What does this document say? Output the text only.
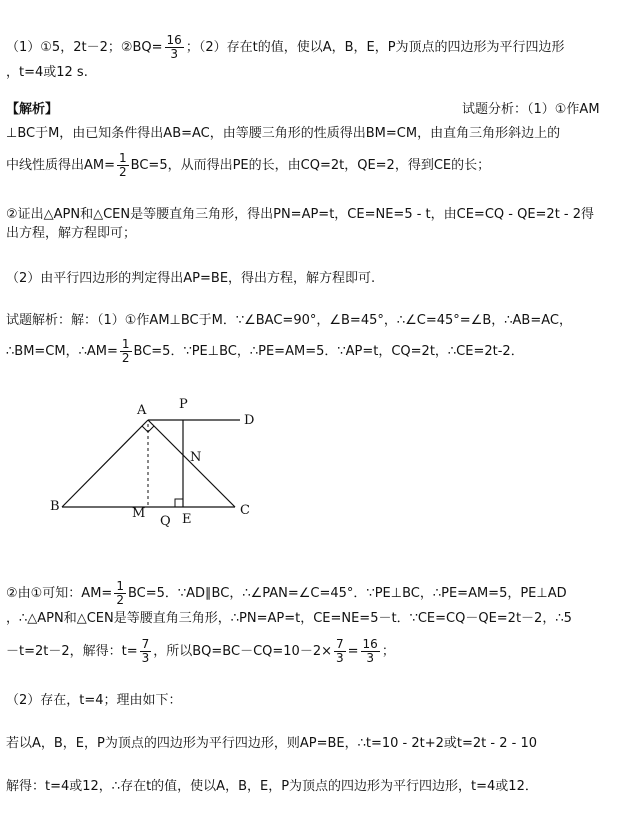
（1）①5，2t－2；②BQ= $\frac{16}{3}$ ；（2）存在t的值，使以A，B，E，P为顶点的四边形为平行四边形
，t=4或12 s.
【解析】	试题分析：（1）①作AM
⊥BC于M，由已知条件得出AB=AC，由等腰三角形的性质得出BM=CM，由直角三角形斜边上的
中线性质得出$AM= \frac{1}{2} BC=5$，从而得出PE的长，由CQ=2t，QE=2，得到CE的长；
②证出△APN和△CEN是等腰直角三角形，得出PN=AP=t，CE=NE=5 - t，由CE=CQ - QE=2t - 2得
出方程，解方程即可；
（2）由平行四边形的判定得出AP=BE，得出方程，解方程即可.
试题解析：解：（1）①作AM⊥BC于M．∵∠BAC=90°，∠B=45°，∴∠C=45°=∠B，∴AB=AC，
∴BM=CM，∴AM= $\frac{1}{2} BC=5$．∵PE⊥BC，∴PE=AM=5．∵AP=t，CQ=2t，∴CE=2t-2．
A	P
D
N
B	M
Q E
C
②由①可知：$AM= \frac{1}{2} BC=5$．∵AD∥BC，∴∠PAN=∠C=45°．∵PE⊥BC，∴PE=AM=5，PE⊥AD
，∴△APN和△CEN是等腰直角三角形，∴PN=AP=t，CE=NE=5－t．∵CE=CQ－QE=2t－2，∴5
－t=2t－2，解得：$t= \frac{7}{3}$ ，所以$BQ=BC-CQ=10-2\times \frac{7}{3} = \frac{16}{3}$ ；
（2）存在，t=4；理由如下：
若以A，B，E，P为顶点的四边形为平行四边形，则AP=BE，∴t=10 - 2t+2或t=2t - 2 - 10
解得：t=4或12，∴存在t的值，使以A，B，E，P为顶点的四边形为平行四边形，t=4或12．
